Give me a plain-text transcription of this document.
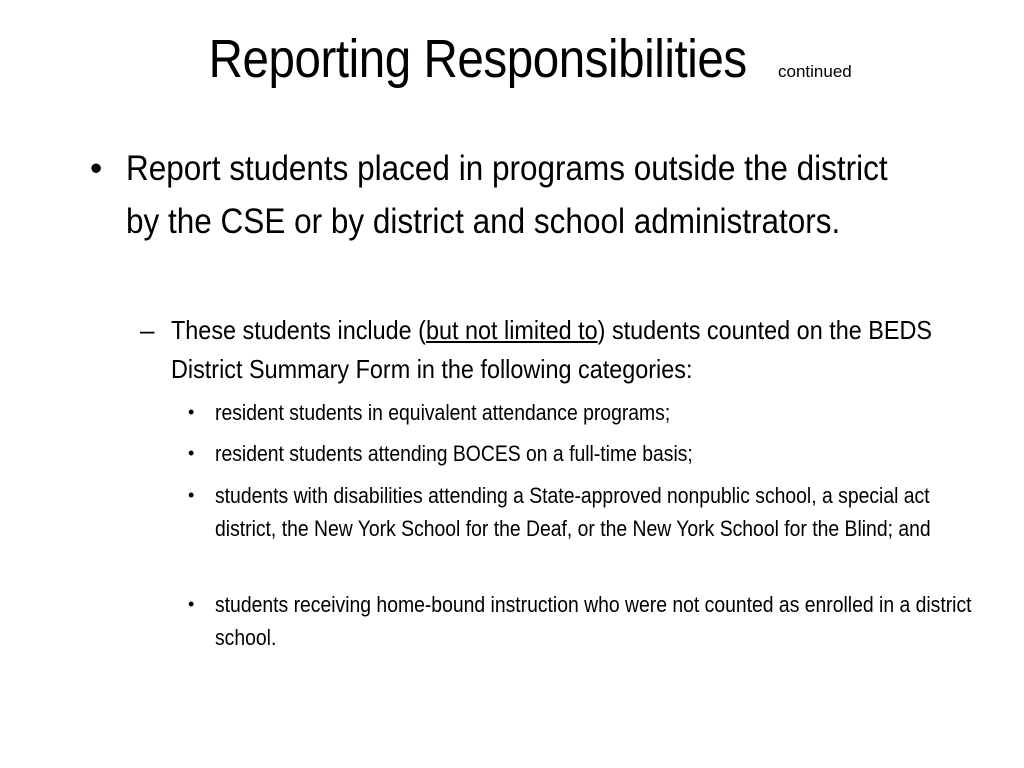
Reporting Responsibilities continued
• Report students placed in programs outside the district by the CSE or by district and school administrators.
– These students include (but not limited to) students counted on the BEDS District Summary Form in the following categories:
• resident students in equivalent attendance programs;
• resident students attending BOCES on a full-time basis;
• students with disabilities attending a State-approved nonpublic school, a special act district, the New York School for the Deaf, or the New York School for the Blind; and
• students receiving home-bound instruction who were not counted as enrolled in a district school.
